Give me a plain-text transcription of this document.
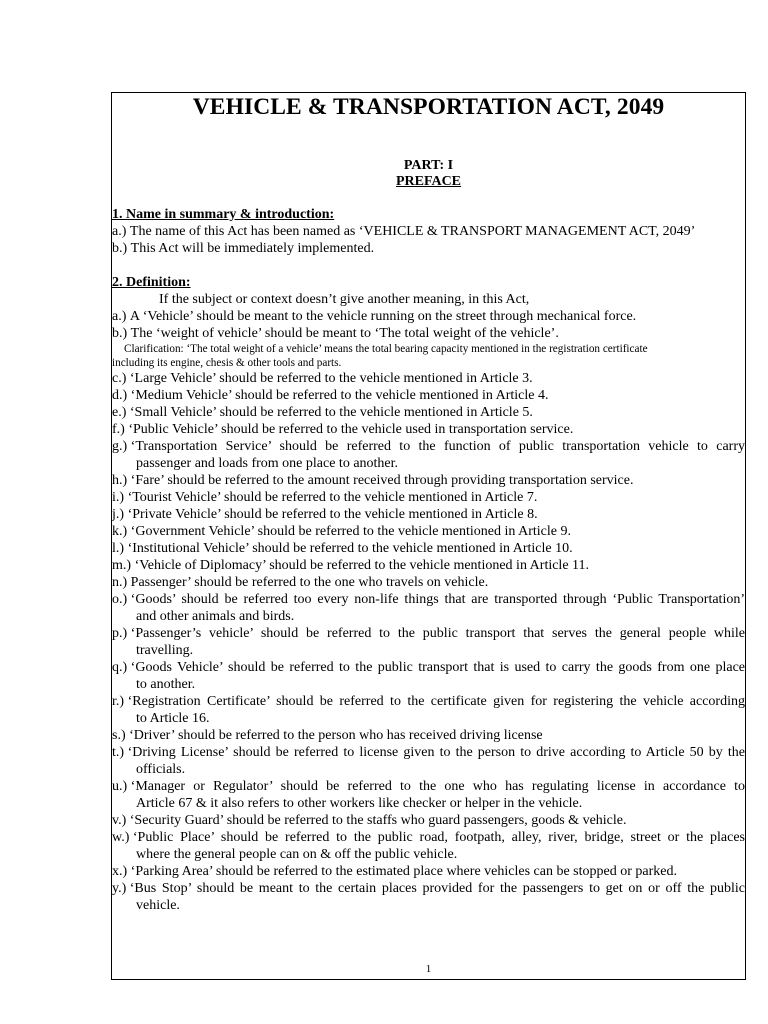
VEHICLE & TRANSPORTATION ACT, 2049
PART: I
PREFACE
1. Name in summary & introduction:
a.) The name of this Act has been named as ‘VEHICLE & TRANSPORT MANAGEMENT ACT, 2049’
b.) This Act will be immediately implemented.
2. Definition:
If the subject or context doesn’t give another meaning, in this Act,
a.) A ‘Vehicle’ should be meant to the vehicle running on the street through mechanical force.
b.) The ‘weight of vehicle’ should be meant to ‘The total weight of the vehicle’.
Clarification: ‘The total weight of a vehicle’ means the total bearing capacity mentioned in the registration certificate
including its engine, chesis & other tools and parts.
c.) ‘Large Vehicle’ should be referred to the vehicle mentioned in Article 3.
d.) ‘Medium Vehicle’ should be referred to the vehicle mentioned in Article 4.
e.) ‘Small Vehicle’ should be referred to the vehicle mentioned in Article 5.
f.) ‘Public Vehicle’ should be referred to the vehicle used in transportation service.
g.) ‘Transportation Service’ should be referred to the function of public transportation vehicle to carry
passenger and loads from one place to another.
h.) ‘Fare’ should be referred to the amount received through providing transportation service.
i.) ‘Tourist Vehicle’ should be referred to the vehicle mentioned in Article 7.
j.) ‘Private Vehicle’ should be referred to the vehicle mentioned in Article 8.
k.) ‘Government Vehicle’ should be referred to the vehicle mentioned in Article 9.
l.) ‘Institutional Vehicle’ should be referred to the vehicle mentioned in Article 10.
m.) ‘Vehicle of Diplomacy’ should be referred to the vehicle mentioned in Article 11.
n.) Passenger’ should be referred to the one who travels on vehicle.
o.) ‘Goods’ should be referred too every non-life things that are transported through ‘Public Transportation’
and other animals and birds.
p.) ‘Passenger’s vehicle’ should be referred to the public transport that serves the general people while
travelling.
q.) ‘Goods Vehicle’ should be referred to the public transport that is used to carry the goods from one place
to another.
r.) ‘Registration Certificate’ should be referred to the certificate given for registering the vehicle according
to Article 16.
s.) ‘Driver’ should be referred to the person who has received driving license
t.) ‘Driving License’ should be referred to license given to the person to drive according to Article 50 by the
officials.
u.) ‘Manager or Regulator’ should be referred to the one who has regulating license in accordance to
Article 67 & it also refers to other workers like checker or helper in the vehicle.
v.) ‘Security Guard’ should be referred to the staffs who guard passengers, goods & vehicle.
w.) ‘Public Place’ should be referred to the public road, footpath, alley, river, bridge, street or the places
where the general people can on & off the public vehicle.
x.) ‘Parking Area’ should be referred to the estimated place where vehicles can be stopped or parked.
y.) ‘Bus Stop’ should be meant to the certain places provided for the passengers to get on or off the public
vehicle.
1
